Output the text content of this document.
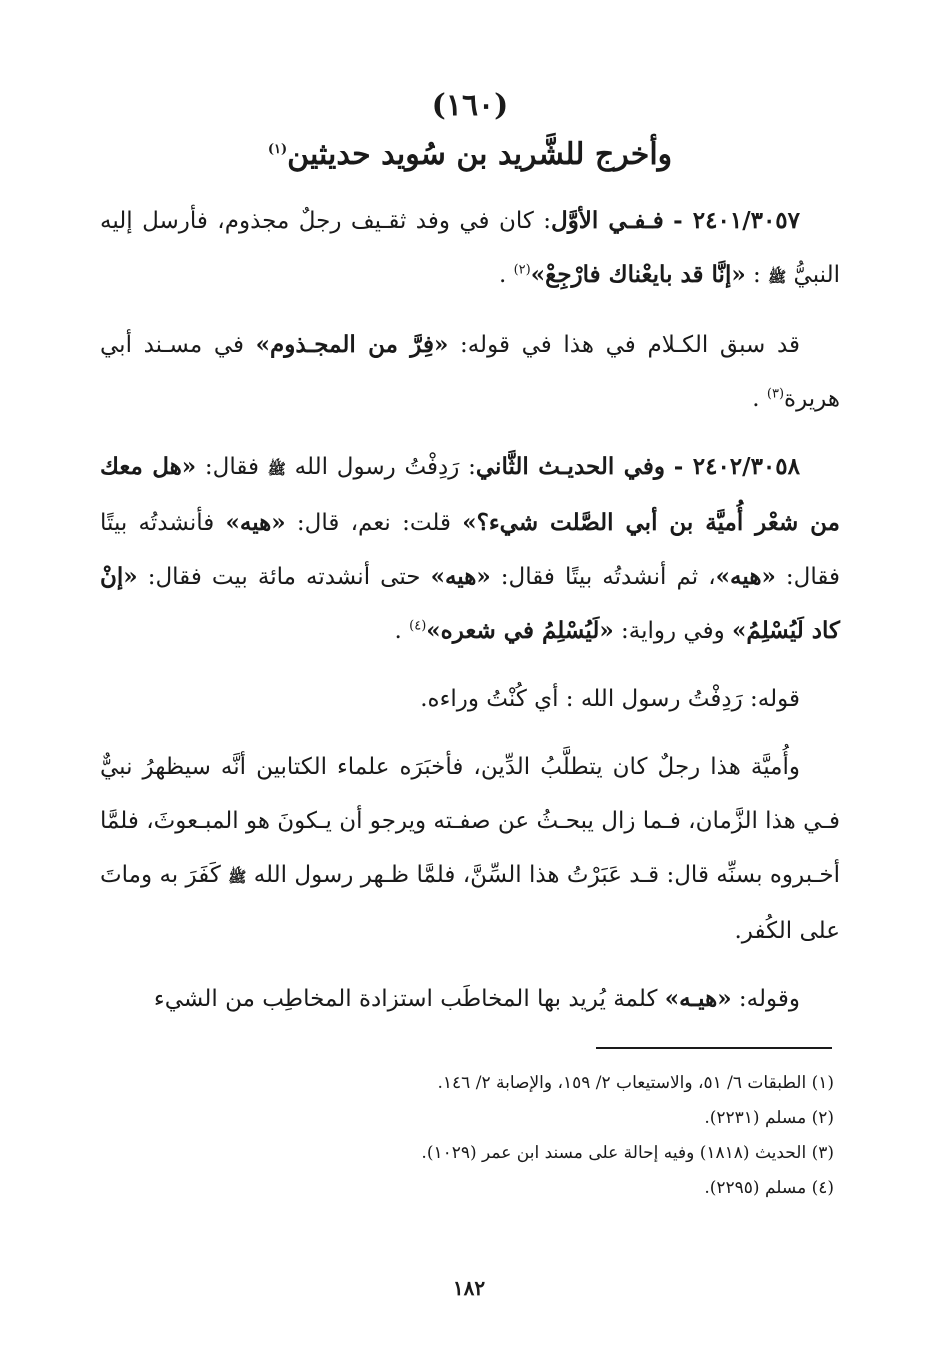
(١٦٠)
وأخرج للشَّريد بن سُويد حديثين$^{(١)}$

٢٤٠١/٣٠٥٧ - فـفـي الأوَّل: كان في وفد ثقـيف رجلٌ مجذوم، فأرسل إليه النبيُّ ﷺ : «إنَّا قد بايعْناك فارْجِعْ»$^{(٢)}$ .

قد سبق الكـلام في هذا في قوله: «فِرَّ من المجـذوم» في مسـند أبي هريرة$^{(٣)}$ .

٢٤٠٢/٣٠٥٨ - وفي الحديـث الثَّاني: رَدِفْتُ رسول الله ﷺ فقال: «هل معك من شعْر أُميَّة بن أبي الصَّلت شيء؟» قلت: نعم، قال: «هيه» فأنشدتُه بيتًا فقال: «هيه»، ثم أنشدتُه بيتًا فقال: «هيه» حتى أنشدته مائة بيت فقال: «إنْ كاد لَيُسْلِمُ» وفي رواية: «لَيُسْلِمُ في شعره»$^{(٤)}$ .

قوله: رَدِفْتُ رسول الله : أي كُنْتُ وراءه.

وأُميَّة هذا رجلٌ كان يتطلَّبُ الدِّين، فأخبَرَه علماء الكتابين أنَّه سيظهرُ نبيٌّ فـي هذا الزَّمان، فـما زال يبحـثُ عن صفـته ويرجو أن يـكونَ هو المبـعوثَ، فلمَّا أخـبروه بسنِّه قال: قـد عَبَرْتُ هذا السِّنَّ، فلمَّا ظـهر رسول الله ﷺ كَفَرَ به وماتَ على الكُفر.

وقوله: «هيـه» كلمة يُريد بها المخاطَب استزادة المخاطِب من الشيء

(١) الطبقات ٦/ ٥١، والاستيعاب ٢/ ١٥٩، والإصابة ٢/ ١٤٦.

(٢) مسلم (٢٢٣١).

(٣) الحديث (١٨١٨) وفيه إحالة على مسند ابن عمر (١٠٢٩).

(٤) مسلم (٢٢٩٥).

١٨٢
